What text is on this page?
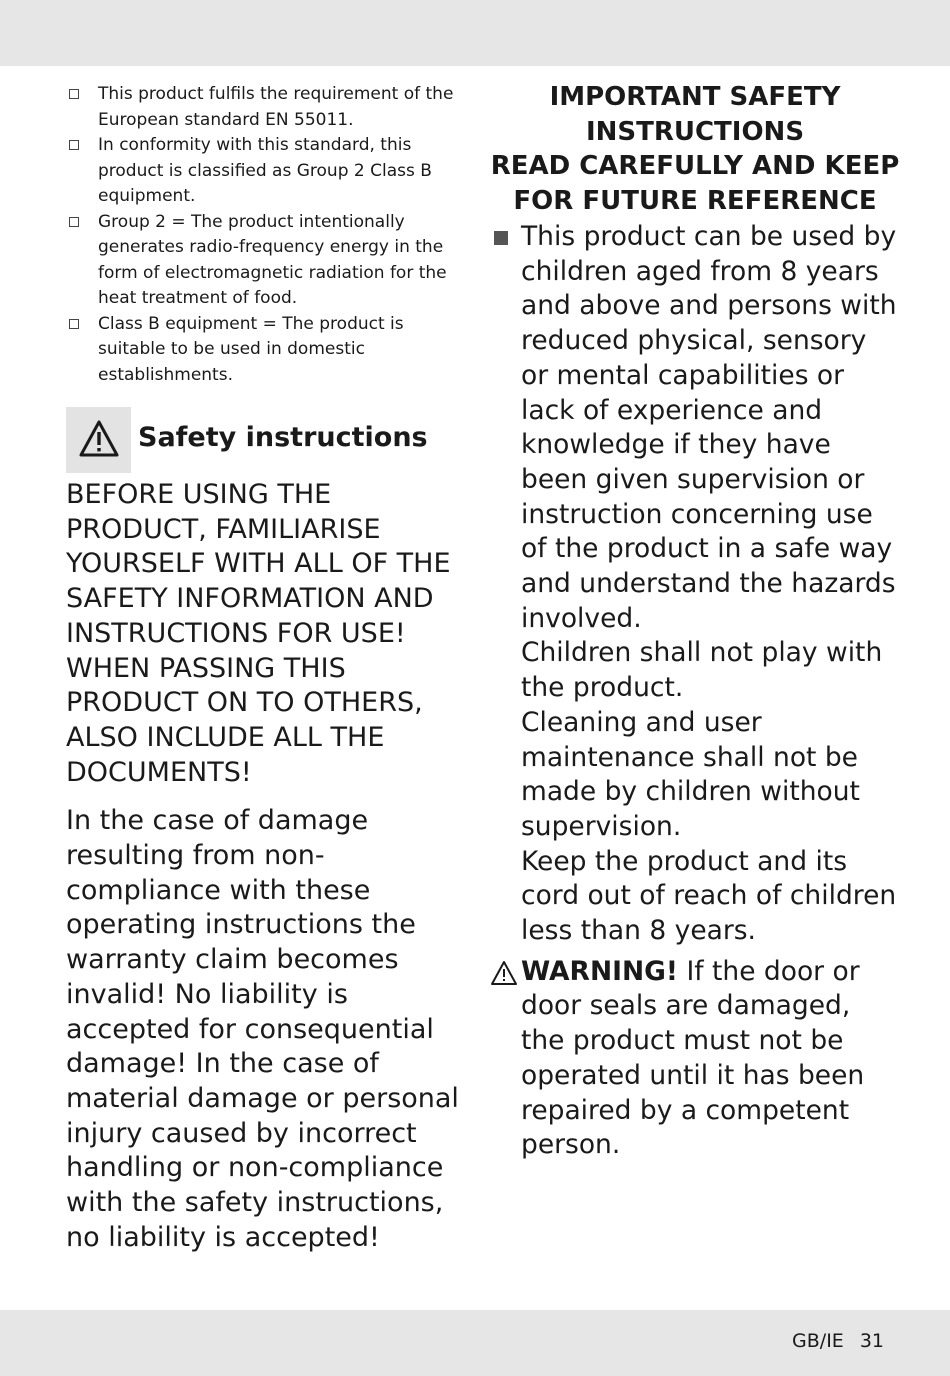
This product fulfils the requirement of the European standard EN 55011.
In conformity with this standard, this product is classified as Group 2 Class B equipment.
Group 2 = The product intentionally generates radio-frequency energy in the form of electromagnetic radiation for the heat treatment of food.
Class B equipment = The product is suitable to be used in domestic establishments.
Safety instructions
BEFORE USING THE PRODUCT, FAMILIARISE YOURSELF WITH ALL OF THE SAFETY INFORMATION AND INSTRUCTIONS FOR USE! WHEN PASSING THIS PRODUCT ON TO OTHERS, ALSO INCLUDE ALL THE DOCUMENTS!
In the case of damage resulting from non-compliance with these operating instructions the warranty claim becomes invalid! No liability is accepted for consequential damage! In the case of material damage or personal injury caused by incorrect handling or non-compliance with the safety instructions, no liability is accepted!
IMPORTANT SAFETY
INSTRUCTIONS
READ CAREFULLY AND KEEP
FOR FUTURE REFERENCE

This product can be used by children aged from 8 years and above and persons with reduced physical, sensory or mental capabilities or lack of experience and knowledge if they have been given supervision or instruction concerning use of the product in a safe way and understand the hazards involved.

Children shall not play with the product.

Cleaning and user maintenance shall not be made by children without supervision.

Keep the product and its cord out of reach of children less than 8 years.

WARNING! If the door or door seals are damaged, the product must not be operated until it has been repaired by a competent person.
GB/IE 31
